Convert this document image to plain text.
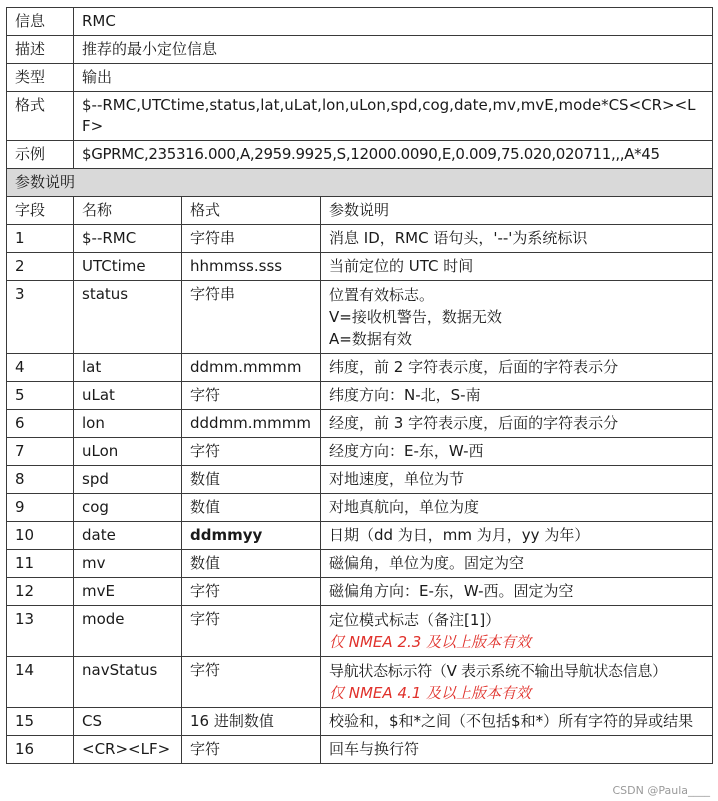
信息	RMC		
描述	推荐的最小定位信息		
类型	输出		
格式	$--RMC,UTCtime,status,lat,uLat,lon,uLon,spd,cog,date,mv,mvE,mode*CS<CR><LF>		
示例	$GPRMC,235316.000,A,2959.9925,S,12000.0090,E,0.009,75.020,020711,,,A*45		
参数说明			
字段	名称	格式	参数说明
1	$--RMC	字符串	消息 ID，RMC 语句头，'--'为系统标识
2	UTCtime	hhmmss.sss	当前定位的 UTC 时间
3	status	字符串	位置有效标志。
V=接收机警告，数据无效
A=数据有效

4	lat	ddmm.mmmm	纬度，前 2 字符表示度，后面的字符表示分
5	uLat	字符	纬度方向：N-北，S-南
6	lon	dddmm.mmmm	经度，前 3 字符表示度，后面的字符表示分
7	uLon	字符	经度方向：E-东，W-西
8	spd	数值	对地速度，单位为节
9	cog	数值	对地真航向，单位为度
10	date	ddmmyy	日期（dd 为日，mm 为月，yy 为年）
11	mv	数值	磁偏角，单位为度。固定为空
12	mvE	字符	磁偏角方向：E-东，W-西。固定为空
13	mode	字符	定位模式标志（备注[1]）
仅 NMEA 2.3 及以上版本有效

14	navStatus	字符	导航状态标示符（V 表示系统不输出导航状态信息）
仅 NMEA 4.1 及以上版本有效

15	CS	16 进制数值	校验和，$和*之间（不包括$和*）所有字符的异或结果
16	<CR><LF>	字符	回车与换行符
CSDN @Paula____
